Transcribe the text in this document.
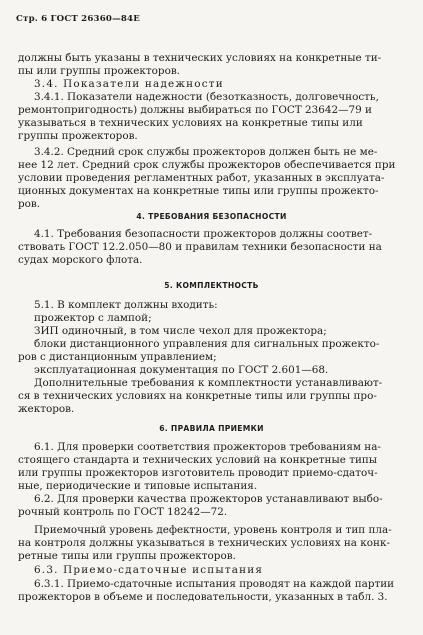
Стр. 6 ГОСТ 26360—84Е
должны быть указаны в технических условиях на конкретные ти-
пы или группы прожекторов.
3.4. Показатели надежности
3.4.1. Показатели надежности (безотказность, долговечность,
ремонтопригодность) должны выбираться по ГОСТ 23642—79 и
указываться в технических условиях на конкретные типы или
группы прожекторов.
3.4.2. Средний срок службы прожекторов должен быть не ме-
нее 12 лет. Средний срок службы прожекторов обеспечивается при
условии проведения регламентных работ, указанных в эксплуата-
ционных документах на конкретные типы или группы прожекто-
ров.
4. ТРЕБОВАНИЯ БЕЗОПАСНОСТИ
4.1. Требования безопасности прожекторов должны соответ-
ствовать ГОСТ 12.2.050—80 и правилам техники безопасности на
судах морского флота.
5. КОМПЛЕКТНОСТЬ
5.1. В комплект должны входить:
прожектор с лампой;
ЗИП одиночный, в том числе чехол для прожектора;
блоки дистанционного управления для сигнальных прожекто-
ров с дистанционным управлением;
эксплуатационная документация по ГОСТ 2.601—68.
Дополнительные требования к комплектности устанавливают-
ся в технических условиях на конкретные типы или группы про-
жекторов.
6. ПРАВИЛА ПРИЕМКИ
6.1. Для проверки соответствия прожекторов требованиям на-
стоящего стандарта и технических условий на конкретные типы
или группы прожекторов изготовитель проводит приемо-сдаточ-
ные, периодические и типовые испытания.
6.2. Для проверки качества прожекторов устанавливают выбо-
рочный контроль по ГОСТ 18242—72.
Приемочный уровень дефектности, уровень контроля и тип пла-
на контроля должны указываться в технических условиях на конк-
ретные типы или группы прожекторов.
6.3. Приемо-сдаточные испытания
6.3.1. Приемо-сдаточные испытания проводят на каждой партии
прожекторов в объеме и последовательности, указанных в табл. 3.
